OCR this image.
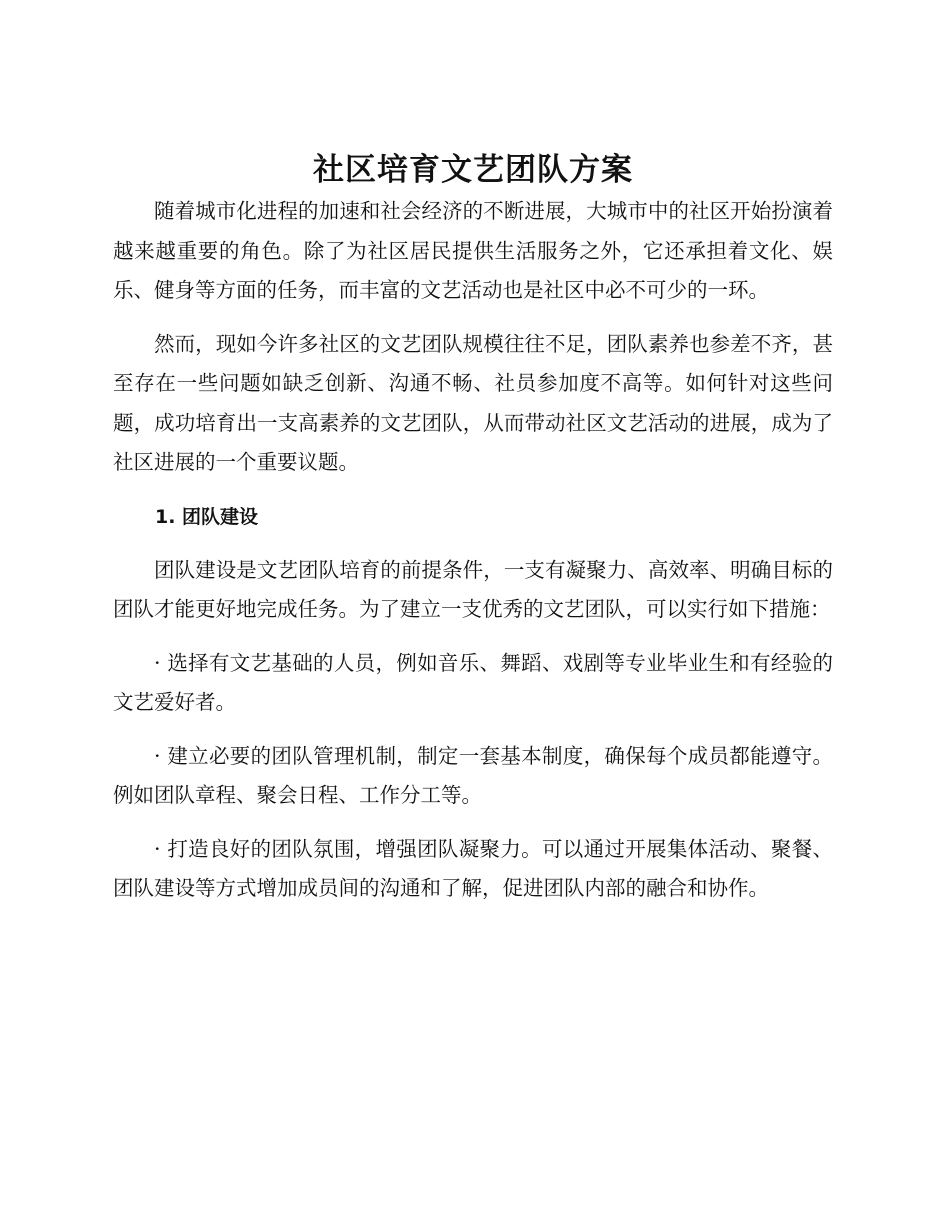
社区培育文艺团队方案

随着城市化进程的加速和社会经济的不断进展，大城市中的社区开始扮演着越来越重要的角色。除了为社区居民提供生活服务之外，它还承担着文化、娱乐、健身等方面的任务，而丰富的文艺活动也是社区中必不可少的一环。

然而，现如今许多社区的文艺团队规模往往不足，团队素养也参差不齐，甚至存在一些问题如缺乏创新、沟通不畅、社员参加度不高等。如何针对这些问题，成功培育出一支高素养的文艺团队，从而带动社区文艺活动的进展，成为了社区进展的一个重要议题。

1. 团队建设

团队建设是文艺团队培育的前提条件，一支有凝聚力、高效率、明确目标的团队才能更好地完成任务。为了建立一支优秀的文艺团队，可以实行如下措施：

· 选择有文艺基础的人员，例如音乐、舞蹈、戏剧等专业毕业生和有经验的文艺爱好者。

· 建立必要的团队管理机制，制定一套基本制度，确保每个成员都能遵守。例如团队章程、聚会日程、工作分工等。

· 打造良好的团队氛围，增强团队凝聚力。可以通过开展集体活动、聚餐、团队建设等方式增加成员间的沟通和了解，促进团队内部的融合和协作。
